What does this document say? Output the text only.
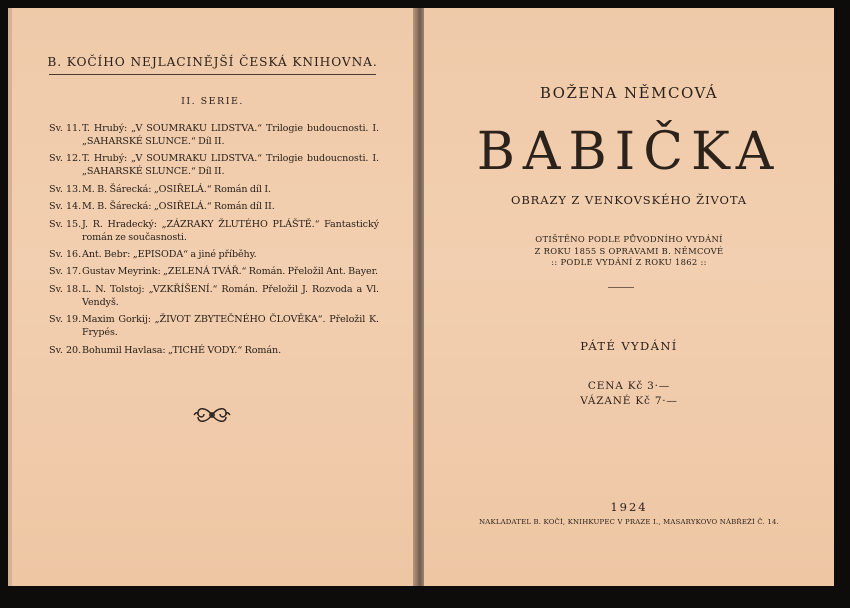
B. KOČÍHO NEJLACINĚJŠÍ ČESKÁ KNIHOVNA.
II. SERIE.
Sv. 11. T. Hrubý: „V SOUMRAKU LIDSTVA.“ Trilogie budoucnosti. I. „SAHARSKÉ SLUNCE.“ Díl II.
Sv. 12. T. Hrubý: „V SOUMRAKU LIDSTVA.“ Trilogie budoucnosti. I. „SAHARSKÉ SLUNCE.“ Díl II.
Sv. 13. M. B. Šárecká: „OSIŘELÁ.“ Román díl I.
Sv. 14. M. B. Šárecká: „OSIŘELÁ.“ Román díl II.
Sv. 15. J. R. Hradecký: „ZÁZRAKY ŽLUTÉHO PLÁŠTĚ.“ Fantastický román ze současnosti.
Sv. 16. Ant. Bebr: „EPISODA“ a jiné příběhy.
Sv. 17. Gustav Meyrink: „ZELENÁ TVÁŘ.“ Román. Přeložil Ant. Bayer.
Sv. 18. L. N. Tolstoj: „VZKŘÍŠENÍ.“ Román. Přeložil J. Rozvoda a Vl. Vendyš.
Sv. 19. Maxim Gorkij: „ŽIVOT ZBYTEČNÉHO ČLOVĚKA“. Přeložil K. Frypés.
Sv. 20. Bohumil Havlasa: „TICHÉ VODY.“ Román.
BOŽENA NĚMCOVÁ
BABIČKA
OBRAZY Z VENKOVSKÉHO ŽIVOTA
OTIŠTĚNO PODLE PŮVODNÍHO VYDÁNÍ
Z ROKU 1855 S OPRAVAMI B. NĚMCOVÉ
:: PODLE VYDÁNÍ Z ROKU 1862 ::
PÁTÉ VYDÁNÍ
CENA Kč 3·—
VÁZANÉ Kč 7·—
1924
NAKLADATEL B. KOČÍ, KNIHKUPEC V PRAZE I., MASARYKOVO NÁBŘEŽÍ Č. 14.
